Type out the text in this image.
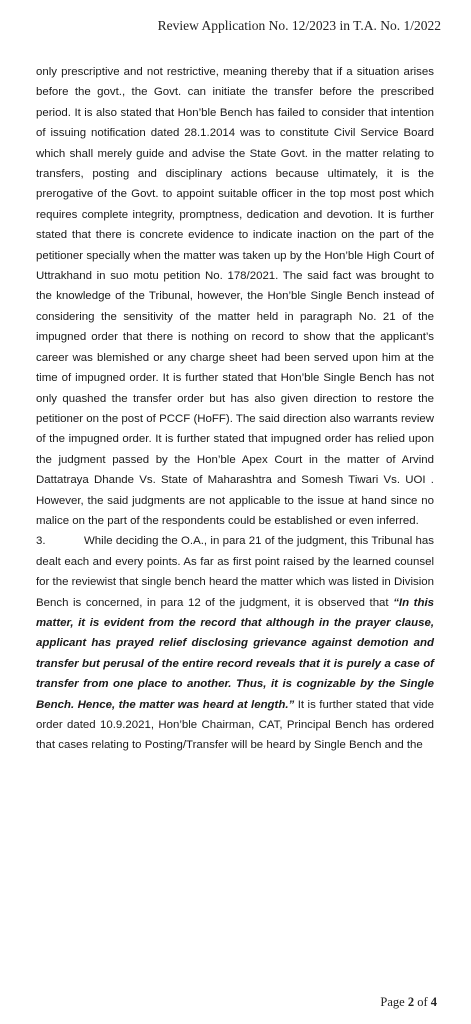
Review Application No. 12/2023 in T.A. No. 1/2022

only prescriptive and not restrictive, meaning thereby that if a situation arises before the govt., the Govt. can initiate the transfer before the prescribed period. It is also stated that Hon’ble Bench has failed to consider that intention of issuing notification dated 28.1.2014 was to constitute Civil Service Board which shall merely guide and advise the State Govt. in the matter relating to transfers, posting and disciplinary actions because ultimately, it is the prerogative of the Govt. to appoint suitable officer in the top most post which requires complete integrity, promptness, dedication and devotion. It is further stated that there is concrete evidence to indicate inaction on the part of the petitioner specially when the matter was taken up by the Hon’ble High Court of Uttrakhand in suo motu petition No. 178/2021. The said fact was brought to the knowledge of the Tribunal, however, the Hon’ble Single Bench instead of considering the sensitivity of the matter held in paragraph No. 21 of the impugned order that there is nothing on record to show that the applicant’s career was blemished or any charge sheet had been served upon him at the time of impugned order. It is further stated that Hon’ble Single Bench has not only quashed the transfer order but has also given direction to restore the petitioner on the post of PCCF (HoFF). The said direction also warrants review of the impugned order. It is further stated that impugned order has relied upon the judgment passed by the Hon’ble Apex Court in the matter of Arvind Dattatraya Dhande Vs. State of Maharashtra and Somesh Tiwari Vs. UOI . However, the said judgments are not applicable to the issue at hand since no malice on the part of the respondents could be established or even inferred.

3.	While deciding the O.A., in para 21 of the judgment, this Tribunal has dealt each and every points. As far as first point raised by the learned counsel for the reviewist that single bench heard the matter which was listed in Division Bench is concerned, in para 12 of the judgment, it is observed that “In this matter, it is evident from the record that although in the prayer clause, applicant has prayed relief disclosing grievance against demotion and transfer but perusal of the entire record reveals that it is purely a case of transfer from one place to another. Thus, it is cognizable by the Single Bench. Hence, the matter was heard at length.” It is further stated that vide order dated 10.9.2021, Hon’ble Chairman, CAT, Principal Bench has ordered that cases relating to Posting/Transfer will be heard by Single Bench and the

Page 2 of 4
